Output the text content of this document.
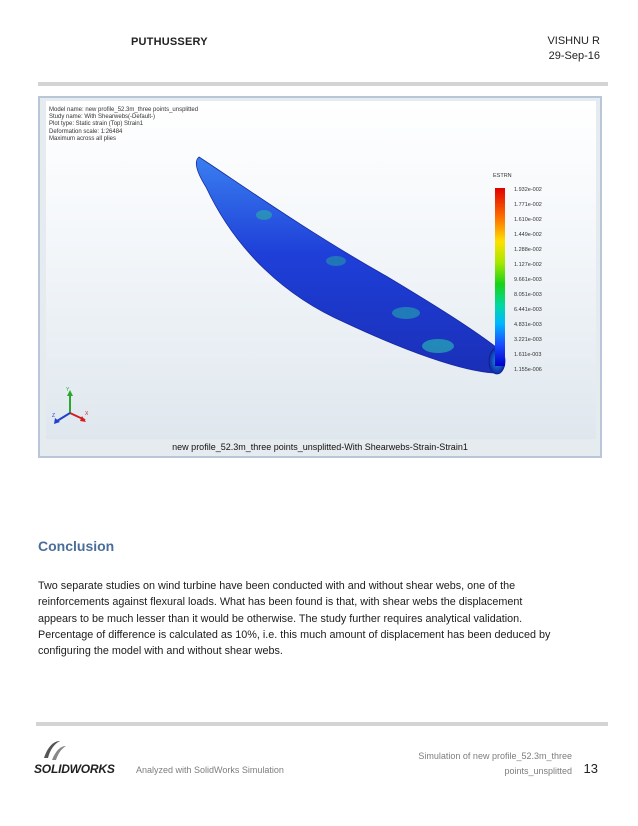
PUTHUSSERY	VISHNU R
29-Sep-16
Model name: new profile_52.3m_three points_unsplitted
Study name: With Shearwebs(-Default-)
Plot type: Static strain (Top) Strain1
Deformation scale: 1:26484
Maximum across all plies
ESTRN
1.932e-002
1.771e-002
1.610e-002
1.449e-002
1.288e-002
1.127e-002
9.661e-003
8.051e-003
6.441e-003
4.831e-003
3.221e-003
1.611e-003
1.155e-006
Y
X
Z
new profile_52.3m_three points_unsplitted-With Shearwebs-Strain-Strain1
Conclusion
Two separate studies on wind turbine have been conducted with and without shear webs, one of the
reinforcements against flexural loads. What has been found is that, with shear webs the displacement
appears to be much lesser than it would be otherwise. The study further requires analytical validation.
Percentage of difference is calculated as 10%, i.e. this much amount of displacement has been deduced by
configuring the model with and without shear webs.
SOLIDWORKS Analyzed with SolidWorks Simulation
Simulation of new profile_52.3m_three
points_unsplitted 13
